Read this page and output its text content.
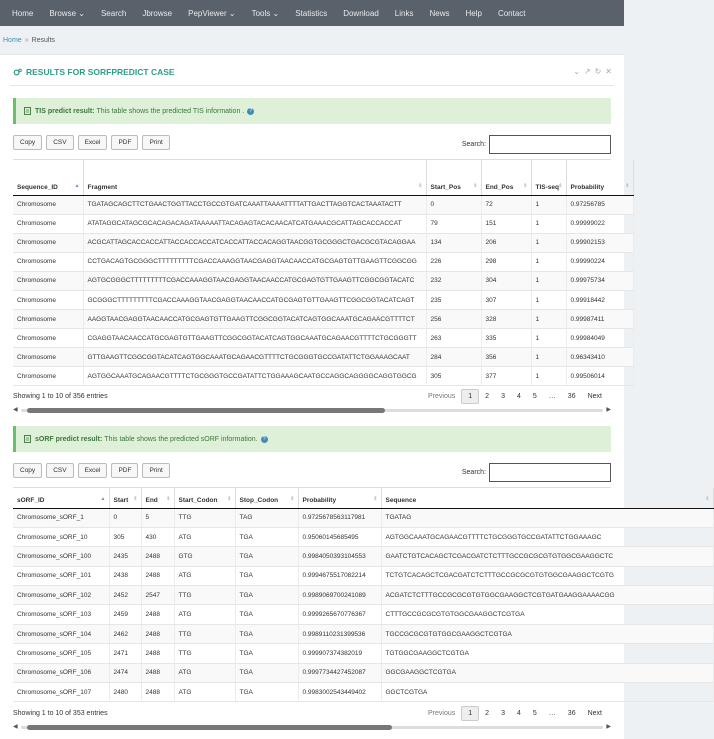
Home	Browse ⌄	Search	Jbrowse	PepViewer ⌄	Tools ⌄	Statistics	Download	Links	News	Help	Contact
Home » Results
RESULTS FOR SORFPREDICT CASE	⌄ ↗ ↻ ✕
TIS predict result: This table shows the predicted TIS information . ?
Copy	CSV	Excel	PDF	Print	Search:
Sequence_ID ▲	Fragment ⇕	Start_Pos ⇕	End_Pos ⇕	TIS-seq ⇕	Probability ⇕

Chromosome	TGATAGCAGCTTCTGAACTGGTTACCTGCCGTGATCAAATTAAAATTTTATTGACTTAGGTCACTAAATACTT	0	72	1	0.97256785
Chromosome	ATATAGGCATAGCGCACAGACAGATAAAAATTACAGAGTACACAACATCATGAAACGCATTAGCACCACCAT	79	151	1	0.99999022
Chromosome	ACGCATTAGCACCACCATTACCACCACCATCACCATTACCACAGGTAACGGTGCGGGCTGACGCGTACAGGAA	134	206	1	0.99902153
Chromosome	CCTGACAGTGCGGGCTTTTTTTTTCGACCAAAGGTAACGAGGTAACAACCATGCGAGTGTTGAAGTTCGGCGG	226	298	1	0.99990224
Chromosome	AGTGCGGGCTTTTTTTTTCGACCAAAGGTAACGAGGTAACAACCATGCGAGTGTTGAAGTTCGGCGGTACATC	232	304	1	0.99975734
Chromosome	GCGGGCTTTTTTTTTCGACCAAAGGTAACGAGGTAACAACCATGCGAGTGTTGAAGTTCGGCGGTACATCAGT	235	307	1	0.99918442
Chromosome	AAGGTAACGAGGTAACAACCATGCGAGTGTTGAAGTTCGGCGGTACATCAGTGGCAAATGCAGAACGTTTTCT	256	328	1	0.99987411
Chromosome	CGAGGTAACAACCATGCGAGTGTTGAAGTTCGGCGGTACATCAGTGGCAAATGCAGAACGTTTTCTGCGGGTT	263	335	1	0.99984049
Chromosome	GTTGAAGTTCGGCGGTACATCAGTGGCAAATGCAGAACGTTTTCTGCGGGTGCCGATATTCTGGAAAGCAAT	284	356	1	0.96343410
Chromosome	AGTGGCAAATGCAGAACGTTTTCTGCGGGTGCCGATATTCTGGAAAGCAATGCCAGGCAGGGGCAGGTGGCG	305	377	1	0.99506014
Showing 1 to 10 of 356 entries	Previous	1	2	3	4	5	…	36	Next
◀	▶
sORF predict result: This table shows the predicted sORF information. ?
Copy	CSV	Excel	PDF	Print	Search:
sORF_ID ▲	Start ⇕	End ⇕	Start_Codon ⇕	Stop_Codon ⇕	Probability ⇕	Sequence ⇕

Chromosome_sORF_1	0	5	TTG	TAG	0.9725678563117981	TGATAG
Chromosome_sORF_10	305	430	ATG	TGA	0.95060145685495	AGTGGCAAATGCAGAACGTTTTCTGCGGGTGCCGATATTCTGGAAAGC
Chromosome_sORF_100	2435	2488	GTG	TGA	0.9984050393104553	GAATCTGTCACAGCTCGACGATCTCTTTGCCGCGCGTGTGGCGAAGGCTC
Chromosome_sORF_101	2438	2488	ATG	TGA	0.9994675517082214	TCTGTCACAGCTCGACGATCTCTTTGCCGCGCGTGTGGCGAAGGCTCGTG
Chromosome_sORF_102	2452	2547	TTG	TGA	0.9989069700241089	ACGATCTCTTTGCCGCGCGTGTGGCGAAGGCTCGTGATGAAGGAAAACGG
Chromosome_sORF_103	2459	2488	ATG	TGA	0.9999265670776367	CTTTGCCGCGCGTGTGGCGAAGGCTCGTGA
Chromosome_sORF_104	2462	2488	TTG	TGA	0.9989110231399536	TGCCGCGCGTGTGGCGAAGGCTCGTGA
Chromosome_sORF_105	2471	2488	TTG	TGA	0.999907374382019	TGTGGCGAAGGCTCGTGA
Chromosome_sORF_106	2474	2488	ATG	TGA	0.9997734427452087	GGCGAAGGCTCGTGA
Chromosome_sORF_107	2480	2488	ATG	TGA	0.9983002543449402	GGCTCGTGA
Showing 1 to 10 of 353 entries	Previous	1	2	3	4	5	…	36	Next
◀	▶
